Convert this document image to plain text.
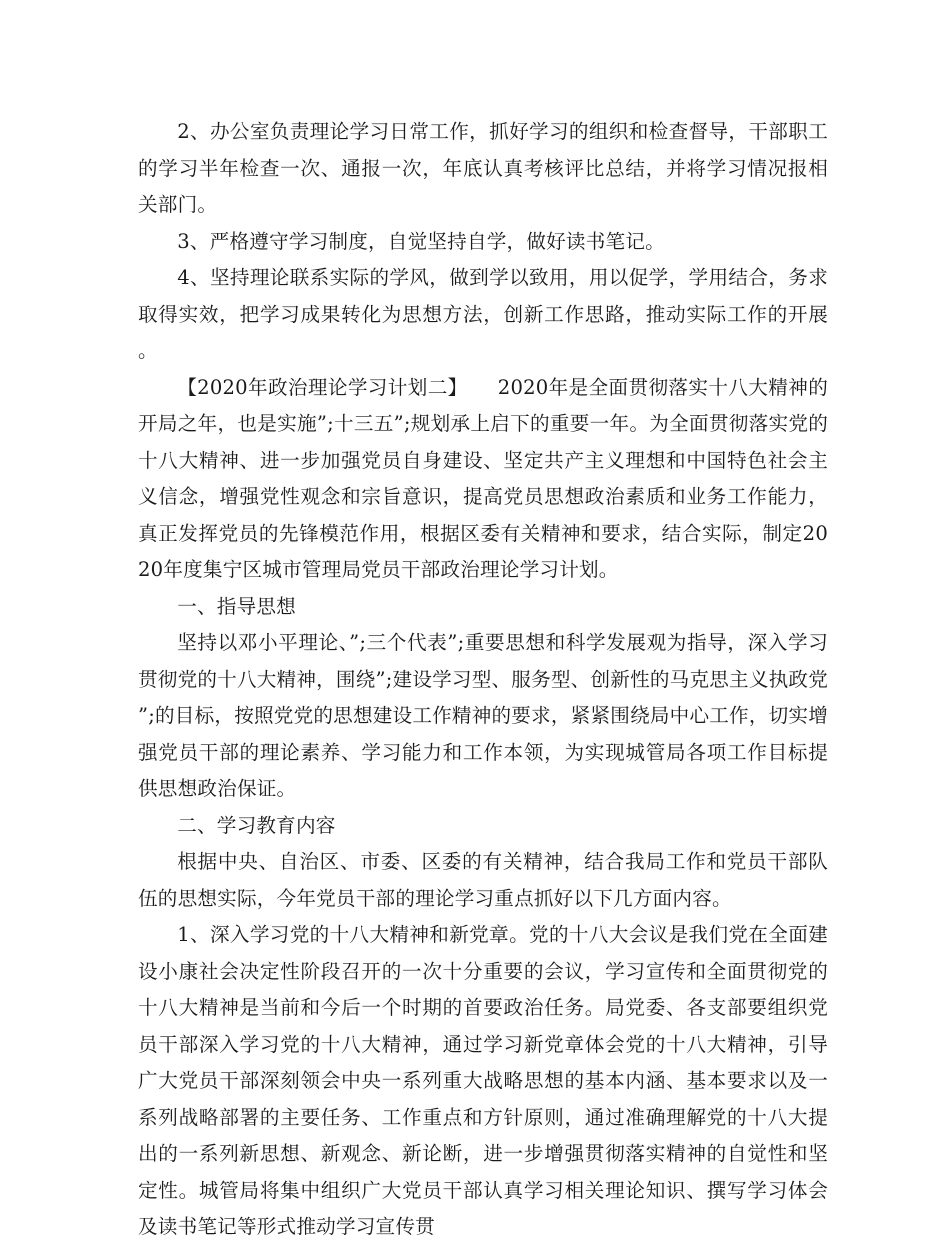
2、办公室负责理论学习日常工作，抓好学习的组织和检查督导，干部职工的学习半年检查一次、通报一次，年底认真考核评比总结，并将学习情况报相关部门。

3、严格遵守学习制度，自觉坚持自学，做好读书笔记。

4、坚持理论联系实际的学风，做到学以致用，用以促学，学用结合，务求取得实效，把学习成果转化为思想方法，创新工作思路，推动实际工作的开展。

【2020年政治理论学习计划二】　　2020年是全面贯彻落实十八大精神的开局之年，也是实施”;十三五”;规划承上启下的重要一年。为全面贯彻落实党的十八大精神、进一步加强党员自身建设、坚定共产主义理想和中国特色社会主义信念，增强党性观念和宗旨意识，提高党员思想政治素质和业务工作能力，真正发挥党员的先锋模范作用，根据区委有关精神和要求，结合实际，制定2020年度集宁区城市管理局党员干部政治理论学习计划。

一、指导思想

坚持以邓小平理论、”;三个代表”;重要思想和科学发展观为指导，深入学习贯彻党的十八大精神，围绕”;建设学习型、服务型、创新性的马克思主义执政党”;的目标，按照党党的思想建设工作精神的要求，紧紧围绕局中心工作，切实增强党员干部的理论素养、学习能力和工作本领，为实现城管局各项工作目标提供思想政治保证。

二、学习教育内容

根据中央、自治区、市委、区委的有关精神，结合我局工作和党员干部队伍的思想实际，今年党员干部的理论学习重点抓好以下几方面内容。

1、深入学习党的十八大精神和新党章。党的十八大会议是我们党在全面建设小康社会决定性阶段召开的一次十分重要的会议，学习宣传和全面贯彻党的十八大精神是当前和今后一个时期的首要政治任务。局党委、各支部要组织党员干部深入学习党的十八大精神，通过学习新党章体会党的十八大精神，引导广大党员干部深刻领会中央一系列重大战略思想的基本内涵、基本要求以及一系列战略部署的主要任务、工作重点和方针原则，通过准确理解党的十八大提出的一系列新思想、新观念、新论断，进一步增强贯彻落实精神的自觉性和坚定性。城管局将集中组织广大党员干部认真学习相关理论知识、撰写学习体会及读书笔记等形式推动学习宣传贯
